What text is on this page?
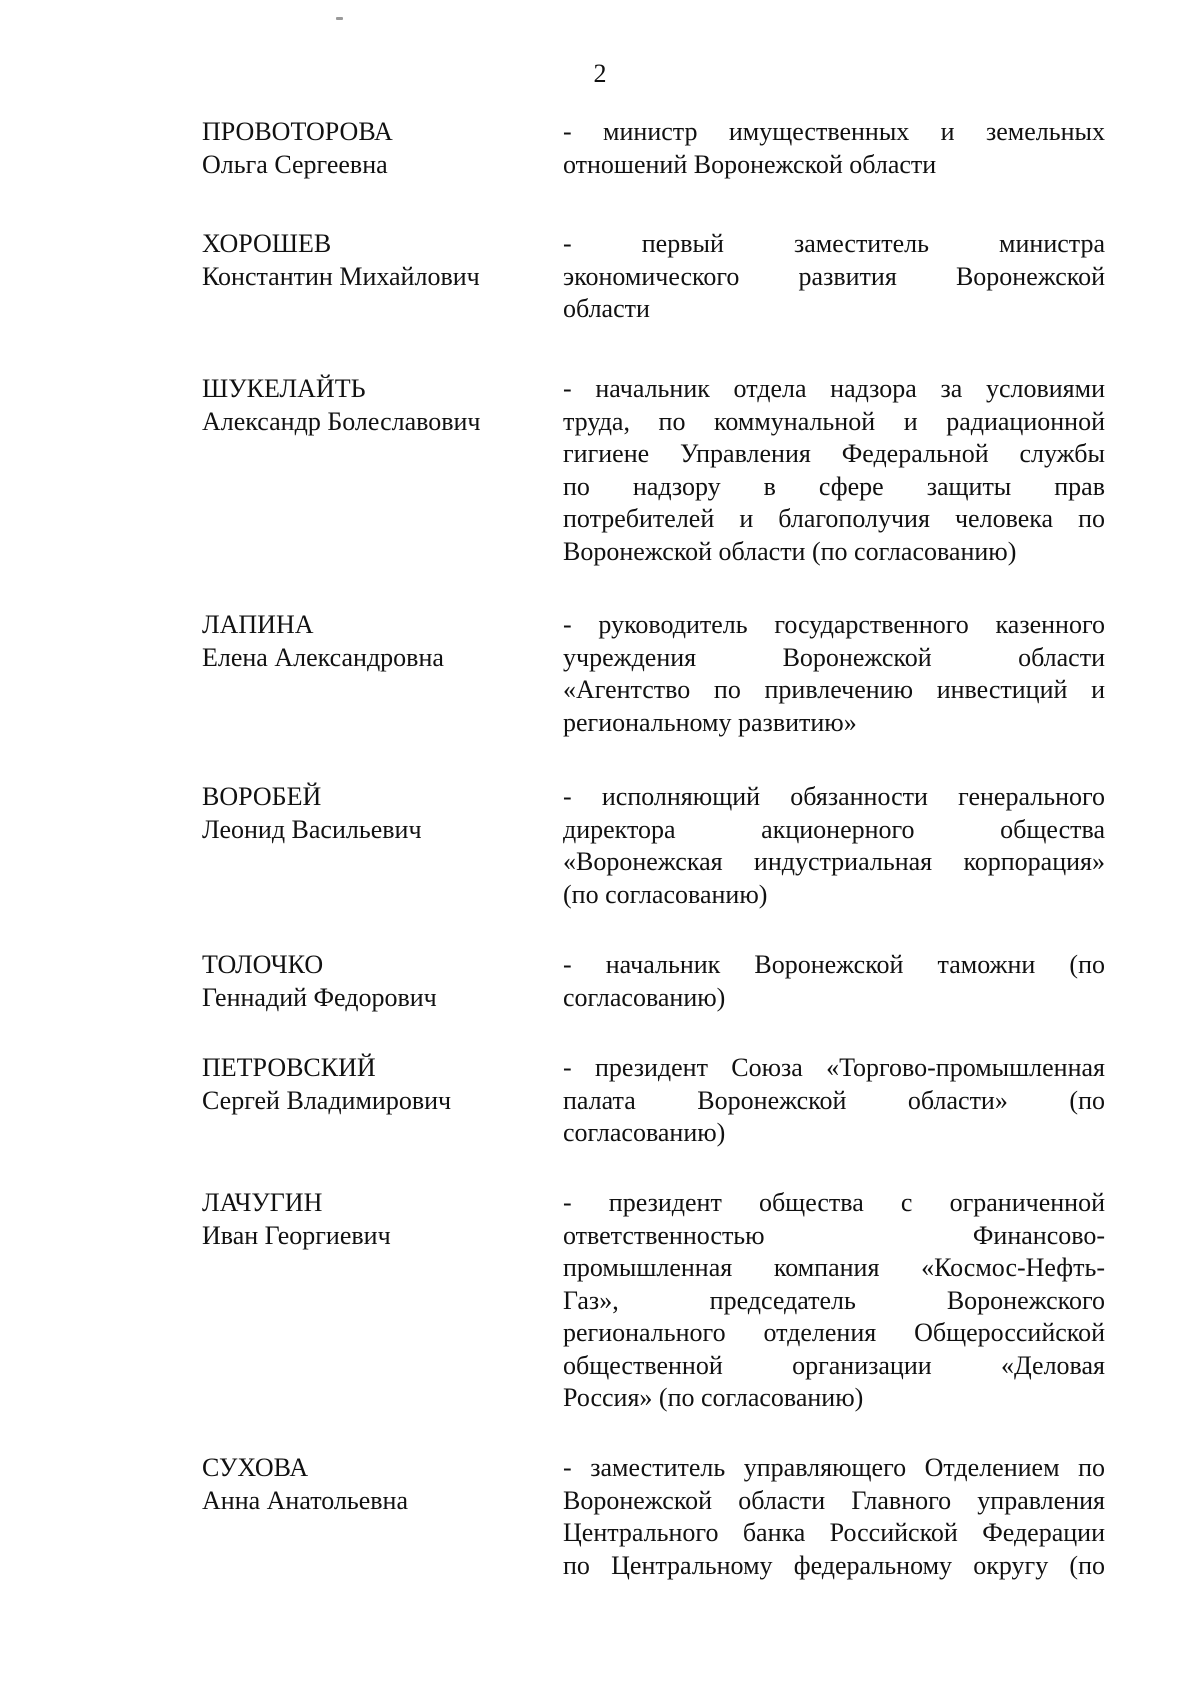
2
ПРОВОТОРОВА
Ольга Сергеевна
- министр имущественных и земельных
отношений Воронежской области
ХОРОШЕВ
Константин Михайлович
- первый заместитель министра
экономического развития Воронежской
области
ШУКЕЛАЙТЬ
Александр Болеславович
- начальник отдела надзора за условиями
труда, по коммунальной и радиационной
гигиене Управления Федеральной службы
по надзору в сфере защиты прав
потребителей и благополучия человека по
Воронежской области (по согласованию)
ЛАПИНА
Елена Александровна
- руководитель государственного казенного
учреждения Воронежской области
«Агентство по привлечению инвестиций и
региональному развитию»
ВОРОБЕЙ
Леонид Васильевич
- исполняющий обязанности генерального
директора акционерного общества
«Воронежская индустриальная корпорация»
(по согласованию)
ТОЛОЧКО
Геннадий Федорович
- начальник Воронежской таможни (по
согласованию)
ПЕТРОВСКИЙ
Сергей Владимирович
- президент Союза «Торгово-промышленная
палата Воронежской области» (по
согласованию)
ЛАЧУГИН
Иван Георгиевич
- президент общества с ограниченной
ответственностью Финансово-
промышленная компания «Космос-Нефть-
Газ», председатель Воронежского
регионального отделения Общероссийской
общественной организации «Деловая
Россия» (по согласованию)
СУХОВА
Анна Анатольевна
- заместитель управляющего Отделением по
Воронежской области Главного управления
Центрального банка Российской Федерации
по Центральному федеральному округу (по
